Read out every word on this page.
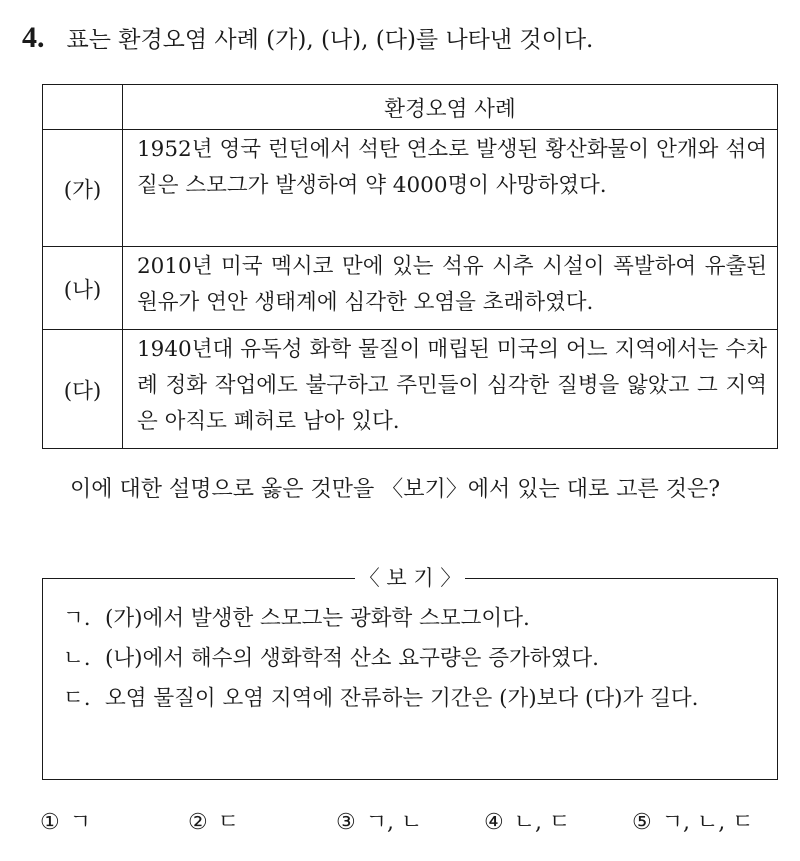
4. 표는 환경오염 사례 (가), (나), (다)를 나타낸 것이다.
	환경오염 사례
(가)	1952년 영국 런던에서 석탄 연소로 발생된 황산화물이 안개와 섞여 짙은 스모그가 발생하여 약 4000명이 사망하였다.
(나)	2010년 미국 멕시코 만에 있는 석유 시추 시설이 폭발하여 유출된 원유가 연안 생태계에 심각한 오염을 초래하였다.
(다)	1940년대 유독성 화학 물질이 매립된 미국의 어느 지역에서는 수차례 정화 작업에도 불구하고 주민들이 심각한 질병을 앓았고 그 지역은 아직도 폐허로 남아 있다.
이에 대한 설명으로 옳은 것만을 〈보기〉에서 있는 대로 고른 것은?
〈 보 기 〉
ㄱ. (가)에서 발생한 스모그는 광화학 스모그이다.
ㄴ. (나)에서 해수의 생화학적 산소 요구량은 증가하였다.
ㄷ. 오염 물질이 오염 지역에 잔류하는 기간은 (가)보다 (다)가 길다.
① ㄱ	② ㄷ	③ ㄱ, ㄴ	④ ㄴ, ㄷ	⑤ ㄱ, ㄴ, ㄷ
